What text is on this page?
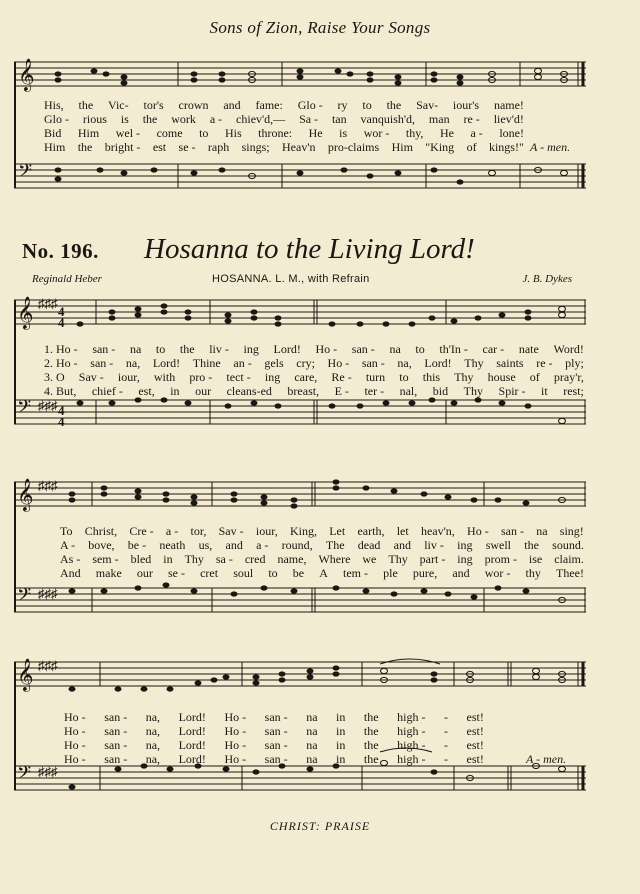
Sons of Zion, Raise Your Songs
𝄞
𝄢
His, the Vic- tor's crown and fame: Glo - ry to the Sav- iour's name!
Glo - rious is the work a - chiev'd,— Sa - tan vanquish'd, man re - liev'd!
Bid Him wel - come to His throne: He is wor - thy, He a - lone!
Him the bright - est se - raph sings; Heav'n pro-claims Him "King of kings!" A - men.
No. 196. Hosanna to the Living Lord!
Reginald Heber	HOSANNA. L. M., with Refrain	J. B. Dykes
𝄞
𝄢
♯♯♯
♯♯♯
4
4
4
4
1. Ho - san - na to the liv - ing Lord! Ho - san - na to th'In - car - nate Word!
2. Ho - san - na, Lord! Thine an - gels cry; Ho - san - na, Lord! Thy saints re - ply;
3. O Sav - iour, with pro - tect - ing care, Re - turn to this Thy house of pray'r,
4. But, chief - est, in our cleans-ed breast, E - ter - nal, bid Thy Spir - it rest;
𝄞
𝄢
♯♯♯
♯♯♯
To Christ, Cre - a - tor, Sav - iour, King, Let earth, let heav'n, Ho - san - na sing!
A - bove, be - neath us, and a - round, The dead and liv - ing swell the sound.
As - sem - bled in Thy sa - cred name, Where we Thy part - ing prom - ise claim.
And make our se - cret soul to be A tem - ple pure, and wor - thy Thee!
𝄞
𝄢
♯♯♯
♯♯♯
Ho - san - na, Lord! Ho - san - na in the high - - est!
Ho - san - na, Lord! Ho - san - na in the high - - est!
Ho - san - na, Lord! Ho - san - na in the high - - est!
Ho - san - na, Lord! Ho - san - na in the high - - est!	A - men.
CHRIST: PRAISE
